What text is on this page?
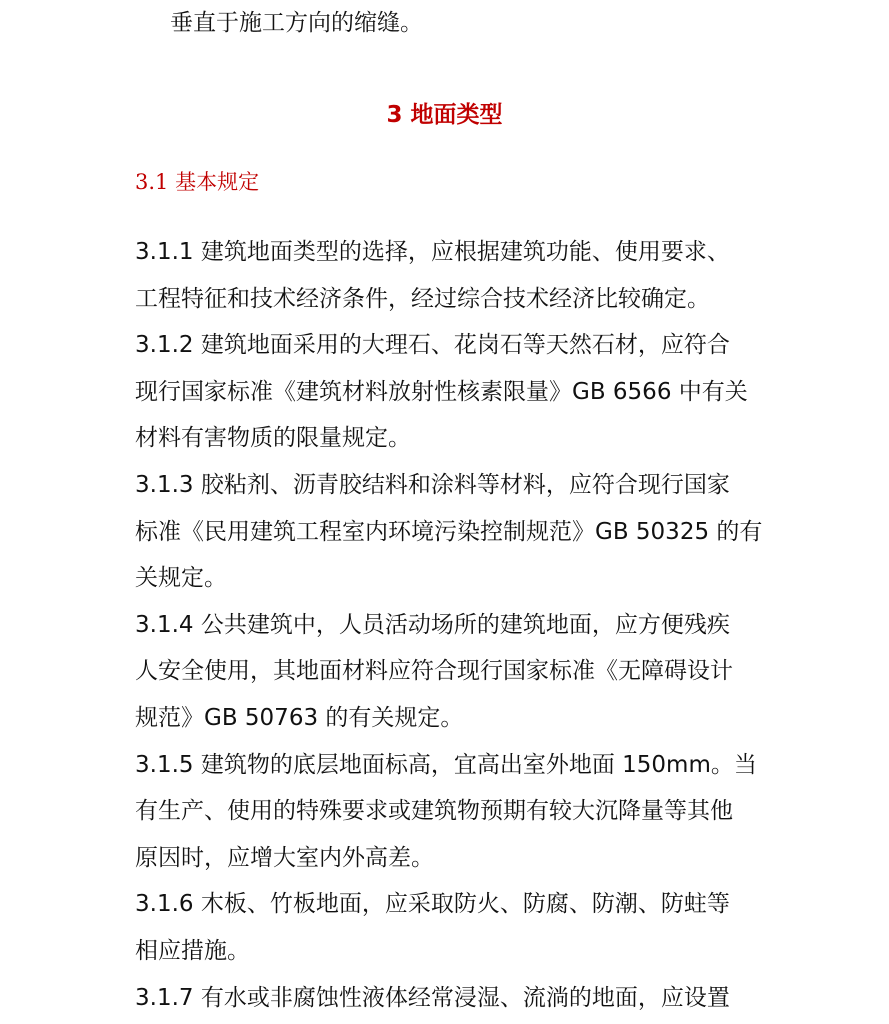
垂直于施工方向的缩缝。
3 地面类型
3.1 基本规定
3.1.1 建筑地面类型的选择，应根据建筑功能、使用要求、
工程特征和技术经济条件，经过综合技术经济比较确定。
3.1.2 建筑地面采用的大理石、花岗石等天然石材，应符合
现行国家标准《建筑材料放射性核素限量》GB 6566 中有关
材料有害物质的限量规定。
3.1.3 胶粘剂、沥青胶结料和涂料等材料，应符合现行国家
标准《民用建筑工程室内环境污染控制规范》GB 50325 的有
关规定。
3.1.4 公共建筑中，人员活动场所的建筑地面，应方便残疾
人安全使用，其地面材料应符合现行国家标准《无障碍设计
规范》GB 50763 的有关规定。
3.1.5 建筑物的底层地面标高，宜高出室外地面 150mm。当
有生产、使用的特殊要求或建筑物预期有较大沉降量等其他
原因时，应增大室内外高差。
3.1.6 木板、竹板地面，应采取防火、防腐、防潮、防蛀等
相应措施。
3.1.7 有水或非腐蚀性液体经常浸湿、流淌的地面，应设置
